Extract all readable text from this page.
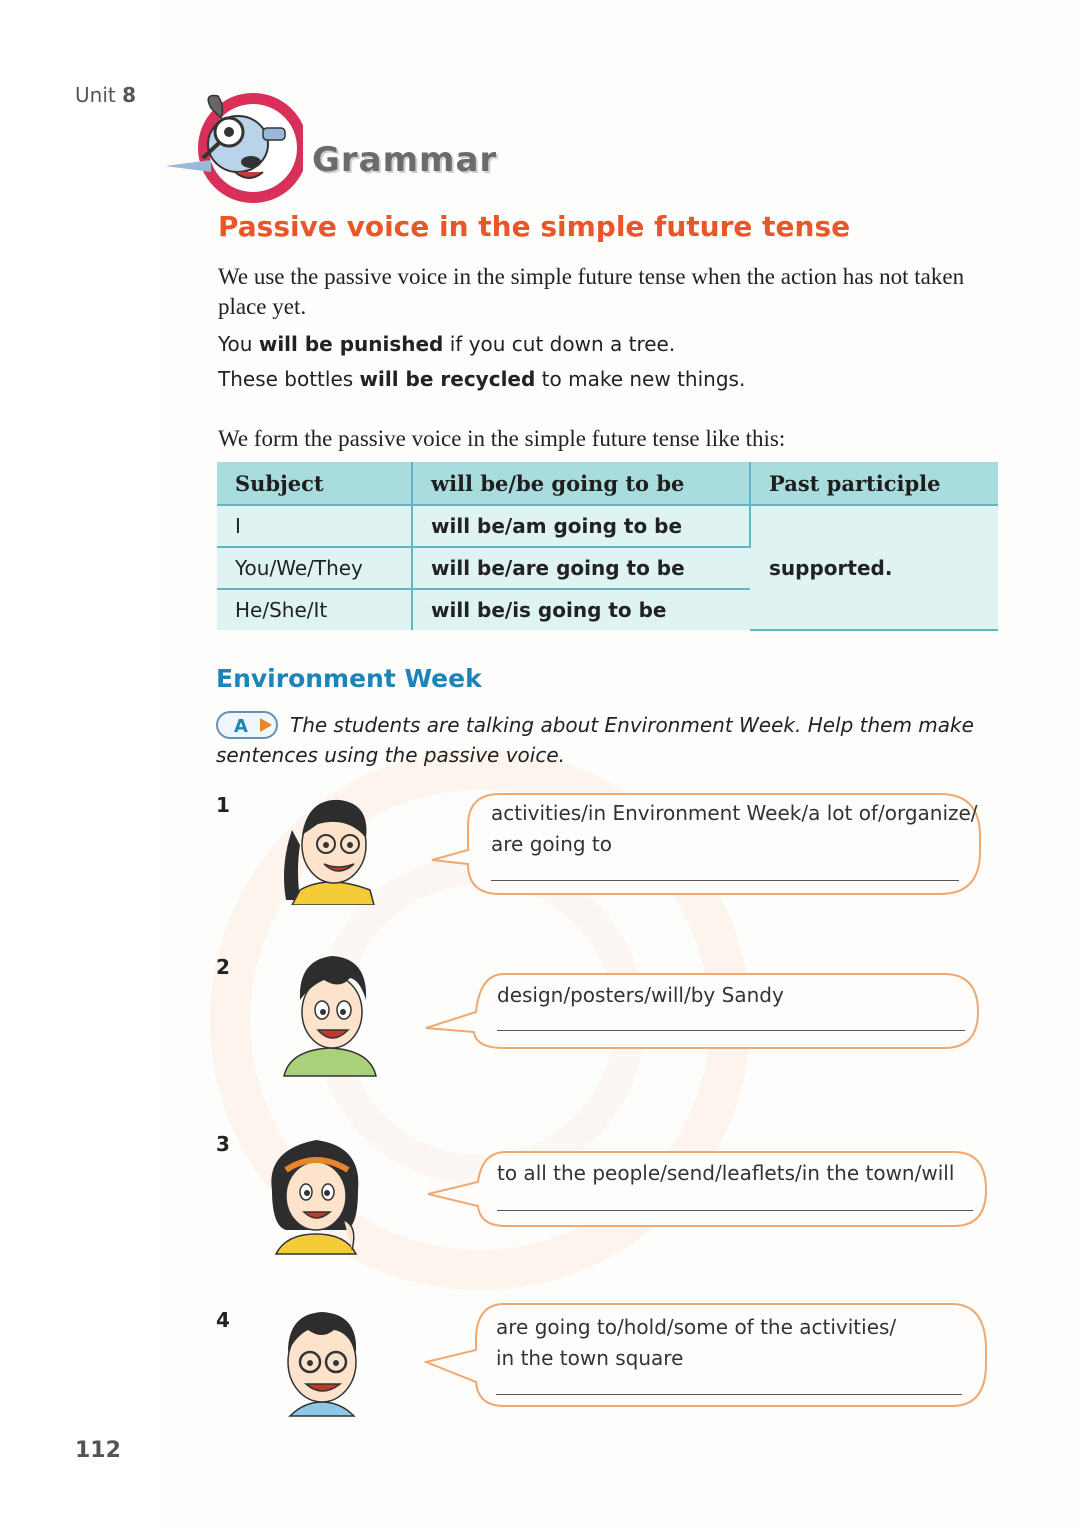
Unit 8
Grammar
Passive voice in the simple future tense
We use the passive voice in the simple future tense when the action has not taken place yet.
You will be punished if you cut down a tree.
These bottles will be recycled to make new things.
We form the passive voice in the simple future tense like this:
Subject	will be/be going to be	Past participle
I	will be/am going to be	supported.
You/We/They	will be/are going to be	
He/She/It	will be/is going to be	
Environment Week
A	The students are talking about Environment Week. Help them make sentences using the passive voice.
1	activities/in Environment Week/a lot of/organize/
are going to
2
design/posters/will/by Sandy
3
to all the people/send/leaflets/in the town/will
4	are going to/hold/some of the activities/
in the town square
112
